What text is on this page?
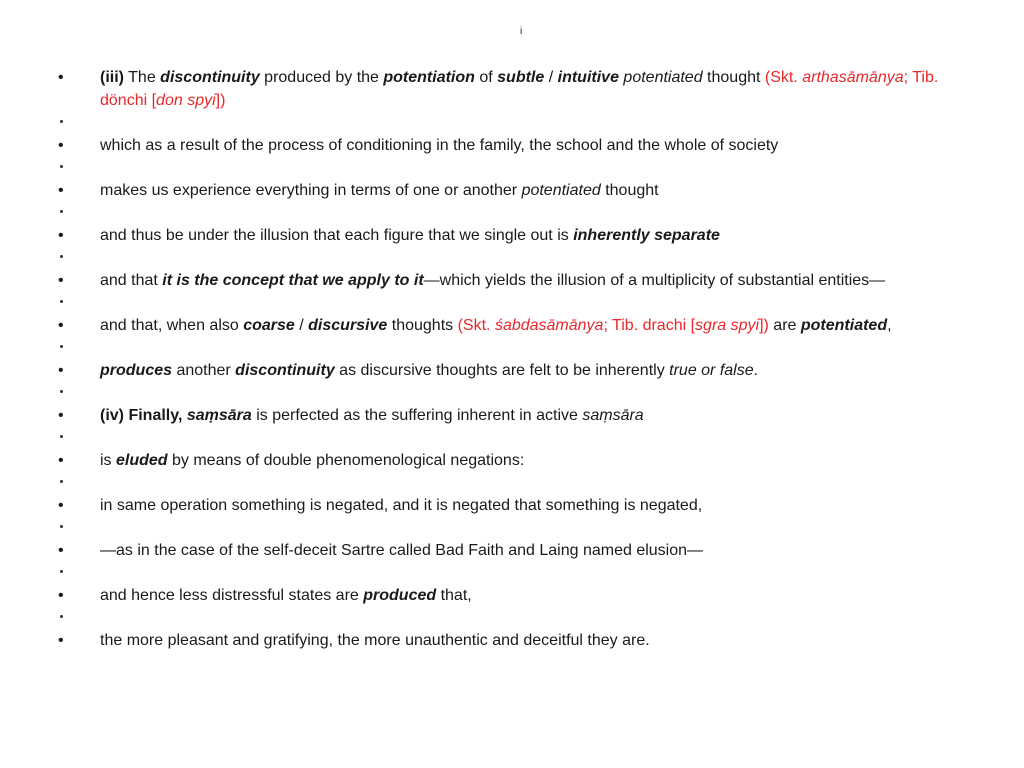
i
•	(iii) The discontinuity produced by the potentiation of subtle / intuitive potentiated thought (Skt. arthasāmānya; Tib. dönchi [don spyi])
•	which as a result of the process of conditioning in the family, the school and the whole of society
•	makes us experience everything in terms of one or another potentiated thought
•	and thus be under the illusion that each figure that we single out is inherently separate
•	and that it is the concept that we apply to it—which yields the illusion of a multiplicity of substantial entities—
•	and that, when also coarse / discursive thoughts (Skt. śabdasāmānya; Tib. drachi [sgra spyi]) are potentiated,
•	produces another discontinuity as discursive thoughts are felt to be inherently true or false.
•	(iv) Finally, saṃsāra is perfected as the suffering inherent in active saṃsāra
•	is eluded by means of double phenomenological negations:
•	in same operation something is negated, and it is negated that something is negated,
•	—as in the case of the self-deceit Sartre called Bad Faith and Laing named elusion—
•	and hence less distressful states are produced that,
•	the more pleasant and gratifying, the more unauthentic and deceitful they are.
